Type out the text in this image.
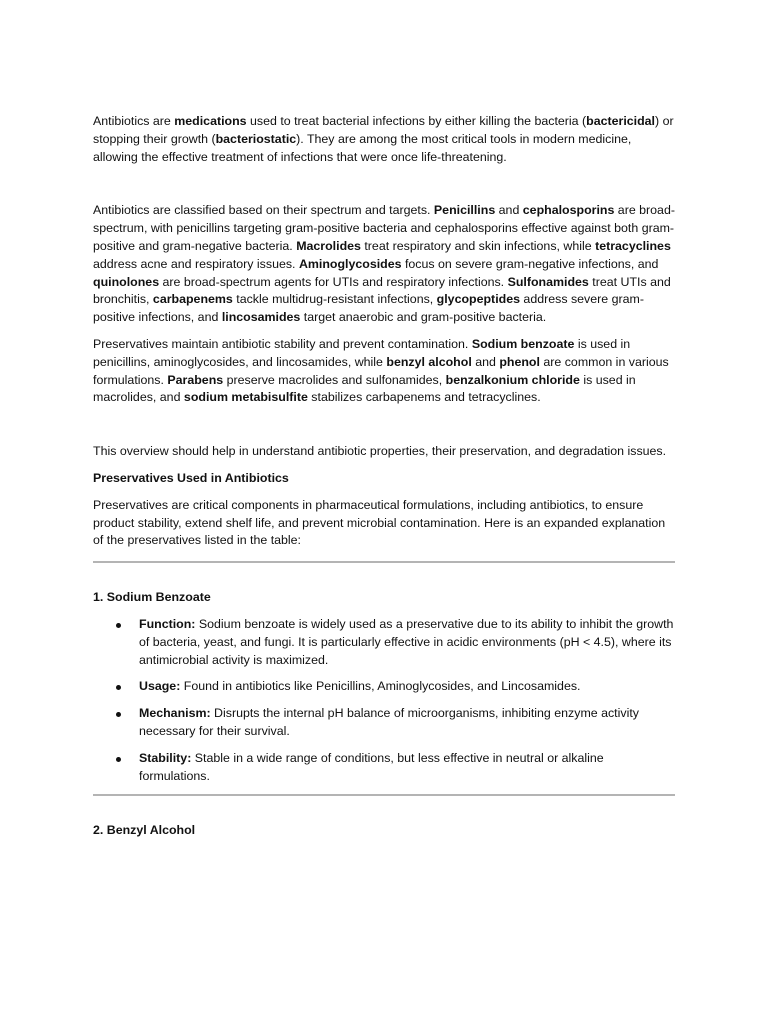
Antibiotics are medications used to treat bacterial infections by either killing the bacteria (bactericidal) or stopping their growth (bacteriostatic). They are among the most critical tools in modern medicine, allowing the effective treatment of infections that were once life-threatening.

Antibiotics are classified based on their spectrum and targets. Penicillins and cephalosporins are broad-spectrum, with penicillins targeting gram-positive bacteria and cephalosporins effective against both gram-positive and gram-negative bacteria. Macrolides treat respiratory and skin infections, while tetracyclines address acne and respiratory issues. Aminoglycosides focus on severe gram-negative infections, and quinolones are broad-spectrum agents for UTIs and respiratory infections. Sulfonamides treat UTIs and bronchitis, carbapenems tackle multidrug-resistant infections, glycopeptides address severe gram-positive infections, and lincosamides target anaerobic and gram-positive bacteria.

Preservatives maintain antibiotic stability and prevent contamination. Sodium benzoate is used in penicillins, aminoglycosides, and lincosamides, while benzyl alcohol and phenol are common in various formulations. Parabens preserve macrolides and sulfonamides, benzalkonium chloride is used in macrolides, and sodium metabisulfite stabilizes carbapenems and tetracyclines.

This overview should help in understand antibiotic properties, their preservation, and degradation issues.

Preservatives Used in Antibiotics

Preservatives are critical components in pharmaceutical formulations, including antibiotics, to ensure product stability, extend shelf life, and prevent microbial contamination. Here is an expanded explanation of the preservatives listed in the table:

1. Sodium Benzoate

Function: Sodium benzoate is widely used as a preservative due to its ability to inhibit the growth of bacteria, yeast, and fungi. It is particularly effective in acidic environments (pH < 4.5), where its antimicrobial activity is maximized.
Usage: Found in antibiotics like Penicillins, Aminoglycosides, and Lincosamides.
Mechanism: Disrupts the internal pH balance of microorganisms, inhibiting enzyme activity necessary for their survival.
Stability: Stable in a wide range of conditions, but less effective in neutral or alkaline formulations.

2. Benzyl Alcohol
